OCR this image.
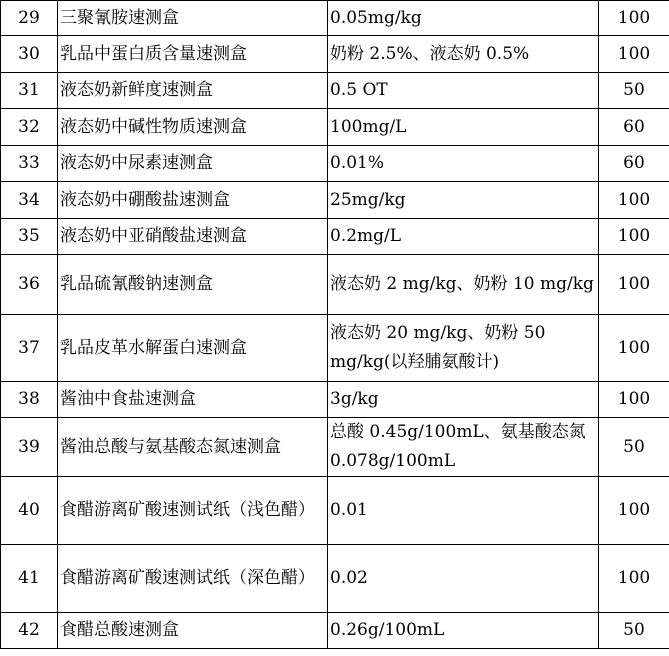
29	三聚氰胺速测盒	0.05mg/kg	100
30	乳品中蛋白质含量速测盒	奶粉 2.5%、液态奶 0.5%	100
31	液态奶新鲜度速测盒	0.5 OT	50
32	液态奶中碱性物质速测盒	100mg/L	60
33	液态奶中尿素速测盒	0.01%	60
34	液态奶中硼酸盐速测盒	25mg/kg	100
35	液态奶中亚硝酸盐速测盒	0.2mg/L	100
36	乳品硫氰酸钠速测盒	液态奶 2 mg/kg、奶粉 10 mg/kg	100
37	乳品皮革水解蛋白速测盒	液态奶 20 mg/kg、奶粉 50 mg/kg(以羟脯氨酸计)	100
38	酱油中食盐速测盒	3g/kg	100
39	酱油总酸与氨基酸态氮速测盒	总酸 0.45g/100mL、氨基酸态氮 0.078g/100mL	50
40	食醋游离矿酸速测试纸（浅色醋）	0.01	100
41	食醋游离矿酸速测试纸（深色醋）	0.02	100
42	食醋总酸速测盒	0.26g/100mL	50
